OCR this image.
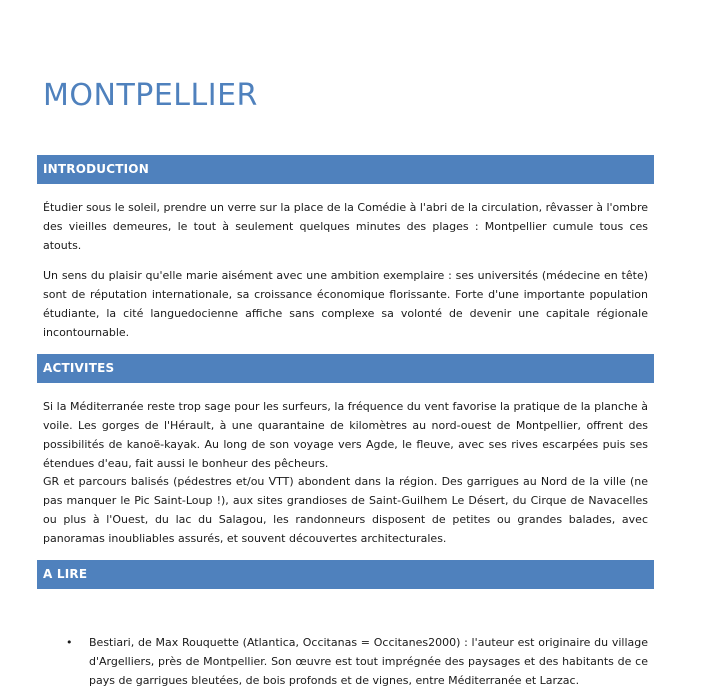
MONTPELLIER
INTRODUCTION

Étudier sous le soleil, prendre un verre sur la place de la Comédie à l'abri de la circulation, rêvasser à l'ombre des vieilles demeures, le tout à seulement quelques minutes des plages : Montpellier cumule tous ces atouts.

Un sens du plaisir qu'elle marie aisément avec une ambition exemplaire : ses universités (médecine en tête) sont de réputation internationale, sa croissance économique florissante. Forte d'une importante population étudiante, la cité languedocienne affiche sans complexe sa volonté de devenir une capitale régionale incontournable.

ACTIVITES

Si la Méditerranée reste trop sage pour les surfeurs, la fréquence du vent favorise la pratique de la planche à voile. Les gorges de l'Hérault, à une quarantaine de kilomètres au nord-ouest de Montpellier, offrent des possibilités de kanoë-kayak. Au long de son voyage vers Agde, le fleuve, avec ses rives escarpées puis ses étendues d'eau, fait aussi le bonheur des pêcheurs.

GR et parcours balisés (pédestres et/ou VTT) abondent dans la région. Des garrigues au Nord de la ville (ne pas manquer le Pic Saint-Loup !), aux sites grandioses de Saint-Guilhem Le Désert, du Cirque de Navacelles ou plus à l'Ouest, du lac du Salagou, les randonneurs disposent de petites ou grandes balades, avec panoramas inoubliables assurés, et souvent découvertes architecturales.

A LIRE
• Bestiari, de Max Rouquette (Atlantica, Occitanas = Occitanes2000) : l'auteur est originaire du village d'Argelliers, près de Montpellier. Son œuvre est tout imprégnée des paysages et des habitants de ce pays de garrigues bleutées, de bois profonds et de vignes, entre Méditerranée et Larzac.
